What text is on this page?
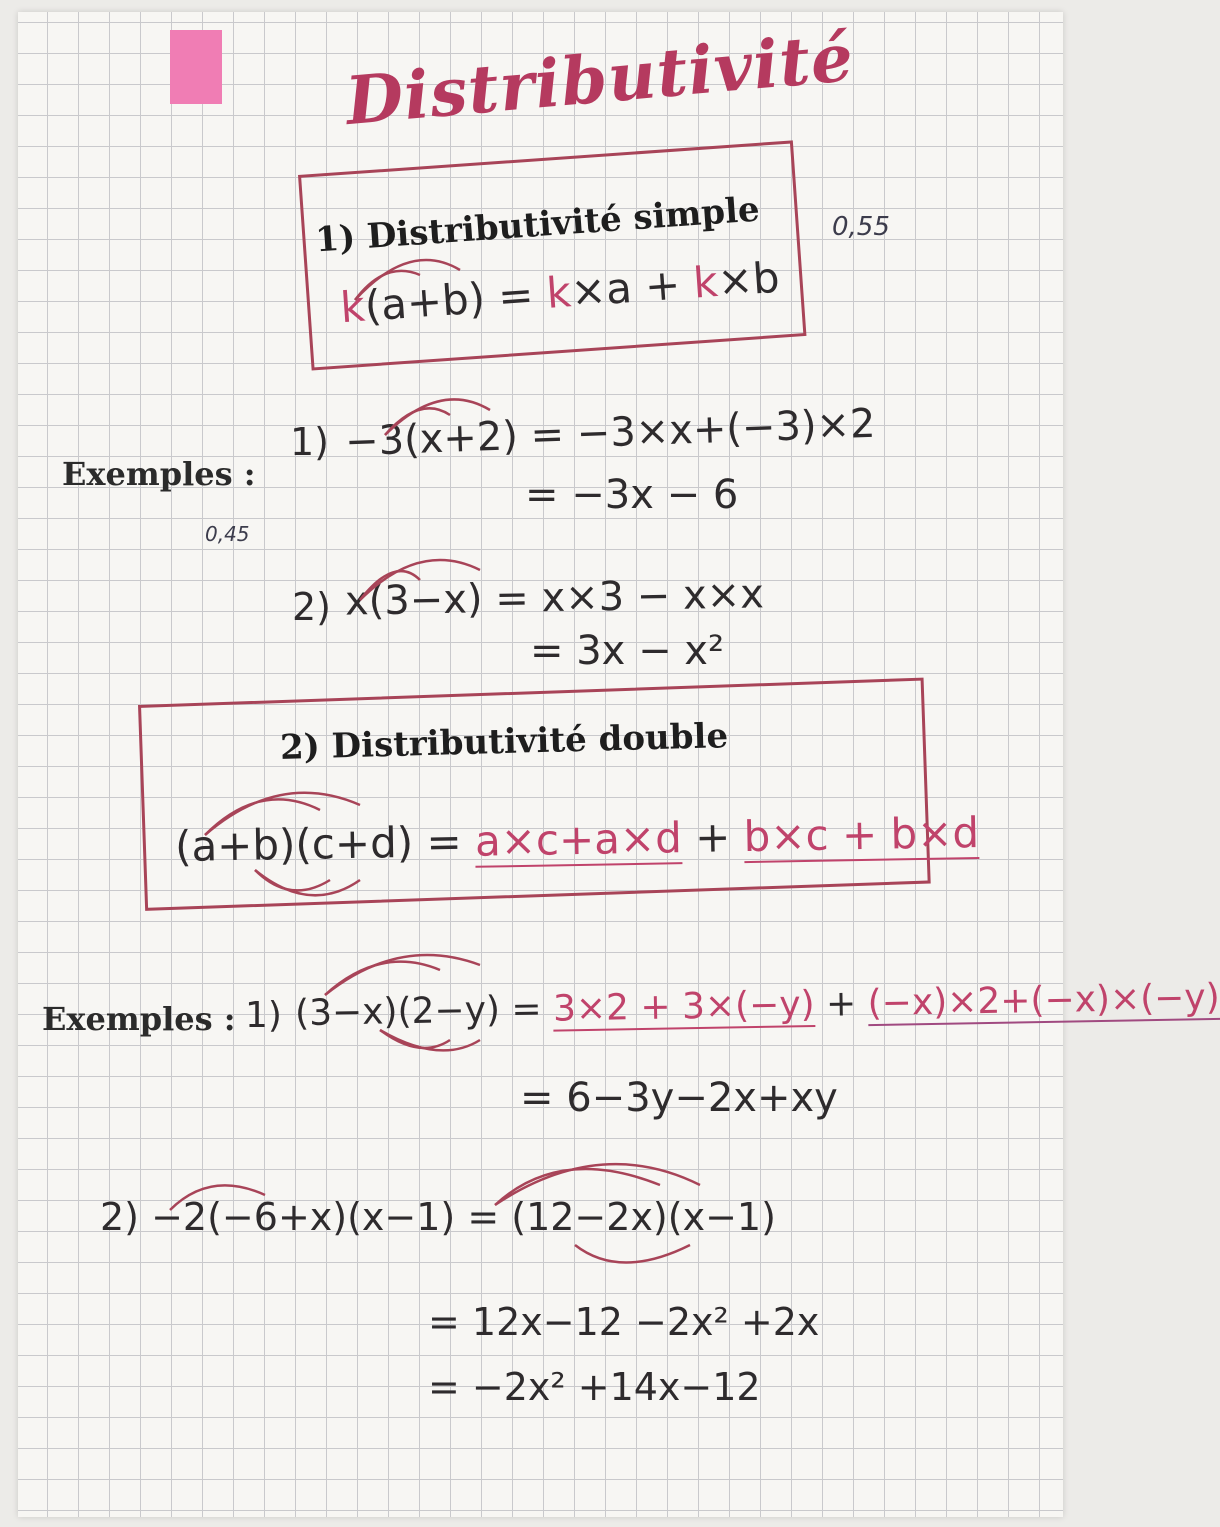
Distributivité
0,55
0,45
1) Distributivité simple
k(a+b) = k×a + k×b
Exemples :
1) −3(x+2) = −3×x+(−3)×2
= −3x − 6
2) x(3−x) = x×3 − x×x
= 3x − x²
2) Distributivité double
(a+b)(c+d) = a×c+a×d + b×c + b×d
Exemples : 1) (3−x)(2−y) = 3×2 + 3×(−y) + (−x)×2+(−x)×(−y)
= 6−3y−2x+xy
2) −2(−6+x)(x−1) = (12−2x)(x−1)
= 12x−12 −2x² +2x
= −2x² +14x−12
